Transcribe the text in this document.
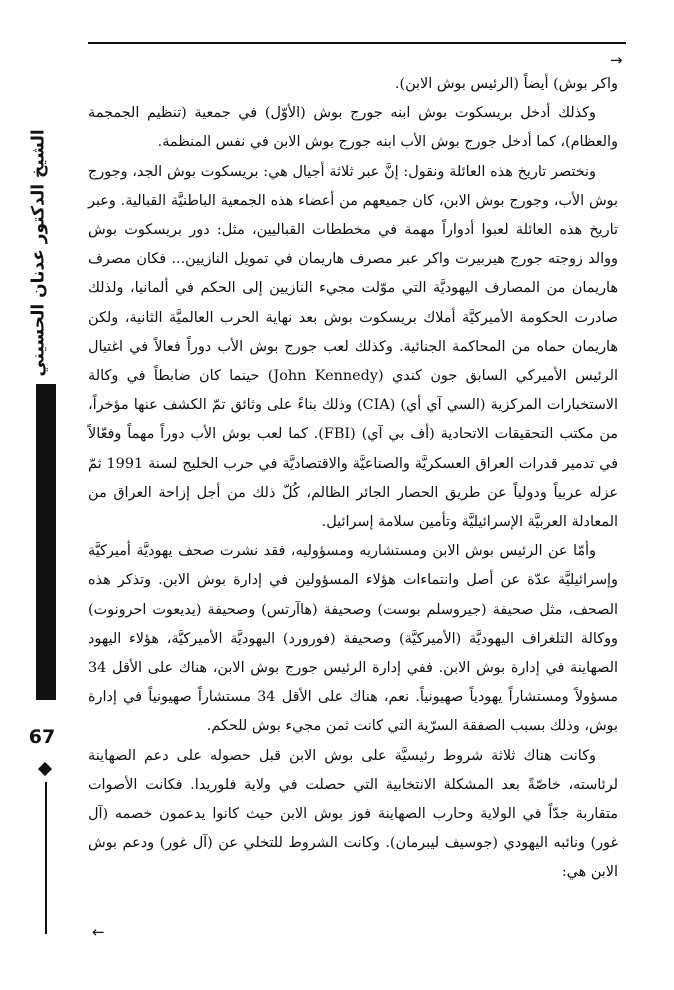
→
الشيخ الدكتور عدنان الحسيني
67

واكر بوش) أيضاً (الرئيس بوش الابن).

وكذلك أدخل بريسكوت بوش ابنه جورج بوش (الأوّل) في جمعية (تنظيم الجمجمة والعظام)، كما أدخل جورج بوش الأب ابنه جورج بوش الابن في نفس المنظمة.

ونختصر تاريخ هذه العائلة ونقول: إنَّ عبر ثلاثة أجيال هي: بريسكوت بوش الجد، وجورج بوش الأب، وجورج بوش الابن، كان جميعهم من أعضاء هذه الجمعية الباطنيَّة القبالية. وعبر تاريخ هذه العائلة لعبوا أدواراً مهمة في مخططات القباليين، مثل: دور بريسكوت بوش ووالد زوجته جورج هيربيرت واكر عبر مصرف هاريمان في تمويل النازيين... فكان مصرف هاريمان من المصارف اليهوديَّة التي موّلت مجيء النازيين إلى الحكم في ألمانيا، ولذلك صادرت الحكومة الأميركيَّة أملاك بريسكوت بوش بعد نهاية الحرب العالميَّة الثانية، ولكن هاريمان حماه من المحاكمة الجنائية. وكذلك لعب جورج بوش الأب دوراً فعالاً في اغتيال الرئيس الأميركي السابق جون كندي (John Kennedy) حينما كان ضابطاً في وكالة الاستخبارات المركزية (السي آي أي) (CIA) وذلك بناءً على وثائق تمّ الكشف عنها مؤخراً، من مكتب التحقيقات الاتحادية (أف بي آي) (FBI). كما لعب بوش الأب دوراً مهماً وفعّالاً في تدمير قدرات العراق العسكريَّة والصناعيَّة والاقتصاديَّة في حرب الخليج لسنة 1991 ثمّ عزله عربياً ودولياً عن طريق الحصار الجائر الظالم، كُلّ ذلك من أجل إزاحة العراق من المعادلة العربيَّة الإسرائيليَّة وتأمين سلامة إسرائيل.

وأمّا عن الرئيس بوش الابن ومستشاريه ومسؤوليه، فقد نشرت صحف يهوديَّة أميركيَّة وإسرائيليَّة عدّة عن أصل وانتماءات هؤلاء المسؤولين في إدارة بوش الابن. وتذكر هذه الصحف، مثل صحيفة (جيروسلم بوست) وصحيفة (هاآرتس) وصحيفة (يديعوت احرونوت) ووكالة التلغراف اليهوديَّة (الأميركيَّة) وصحيفة (فورورد) اليهوديَّة الأميركيَّة، هؤلاء اليهود الصهاينة في إدارة بوش الابن. ففي إدارة الرئيس جورج بوش الابن، هناك على الأقل 34 مسؤولاً ومستشاراً يهودياً صهيونياً. نعم، هناك على الأقل 34 مستشاراً صهيونياً في إدارة بوش، وذلك بسبب الصفقة السرّية التي كانت ثمن مجيء بوش للحكم.

وكانت هناك ثلاثة شروط رئيسيَّة على بوش الابن قبل حصوله على دعم الصهاينة لرئاسته، خاصّةً بعد المشكلة الانتخابية التي حصلت في ولاية فلوريدا. فكانت الأصوات متقاربة جدّاً في الولاية وحارب الصهاينة فوز بوش الابن حيث كانوا يدعمون خصمه (آل غور) ونائبه اليهودي (جوسيف ليبرمان). وكانت الشروط للتخلي عن (آل غور) ودعم بوش الابن هي:

←
